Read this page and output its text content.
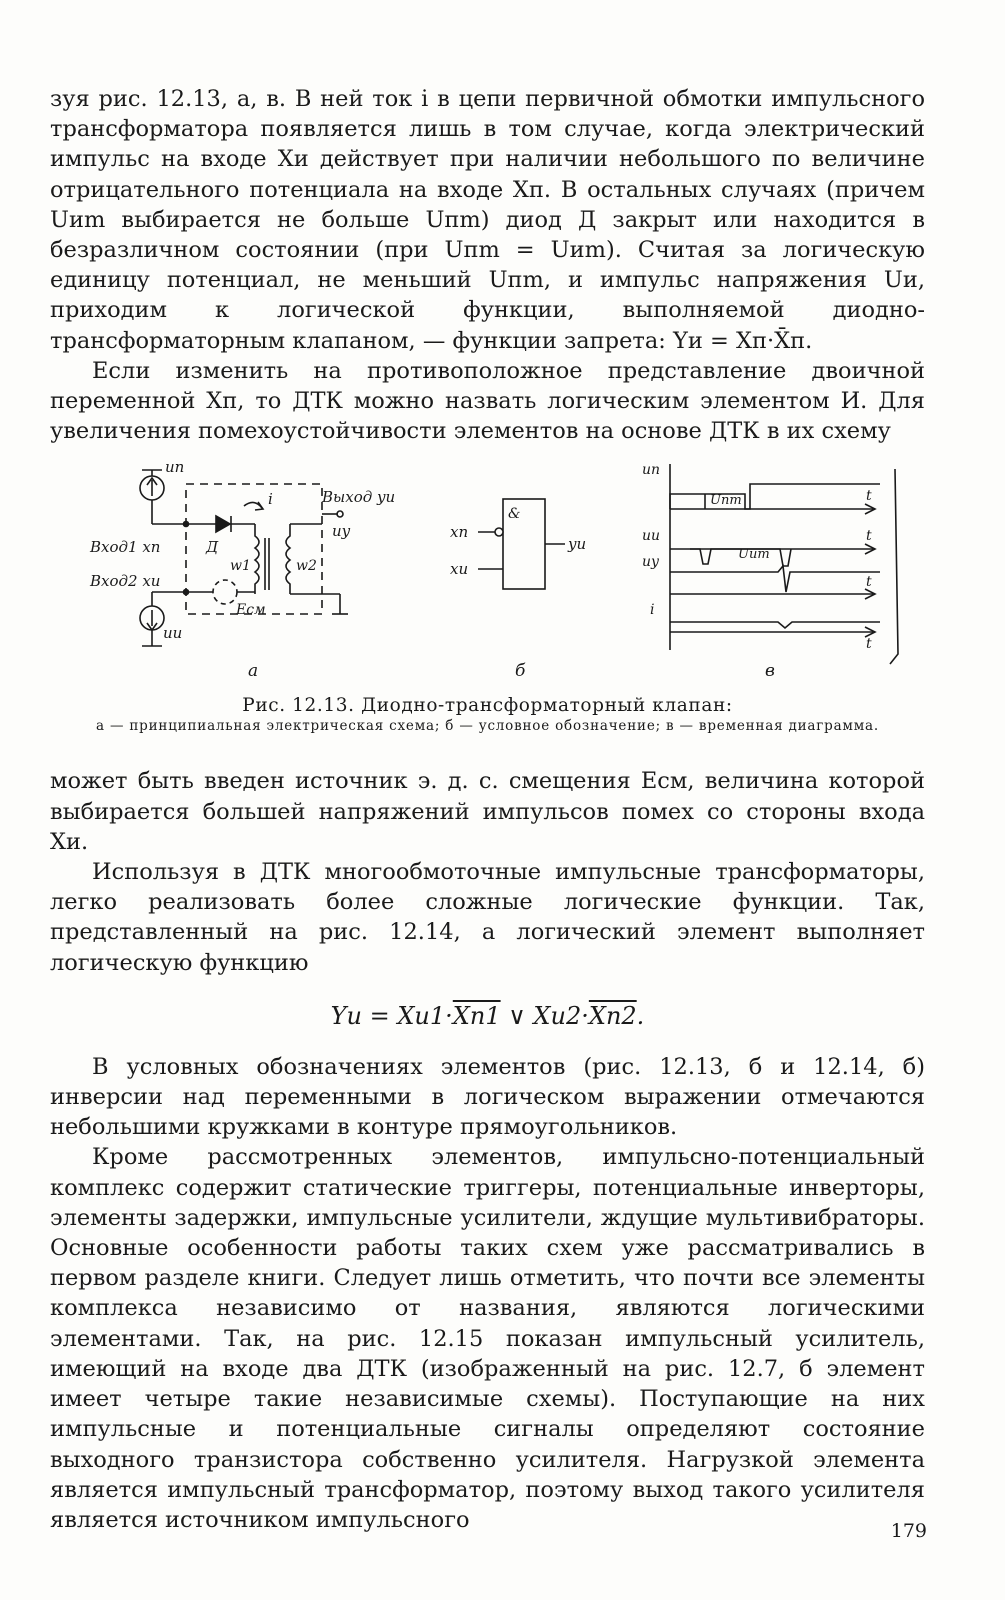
зуя рис. 12.13, а, в. В ней ток i в цепи первичной обмотки импульсного трансформатора появляется лишь в том случае, когда электрический импульс на входе Xи действует при наличии небольшого по величине отрицательного потенциала на входе Xп. В остальных случаях (причем Uиm выбирается не больше Uпm) диод Д закрыт или находится в безразличном состоянии (при Uпm = Uиm). Считая за логическую единицу потенциал, не меньший Uпm, и импульс напряжения Uи, приходим к логической функции, выполняемой диодно-трансформаторным клапаном, — функции запрета: Yи = Xп·X̄п.

Если изменить на противоположное представление двоичной переменной Xп, то ДТК можно назвать логическим элементом И. Для увеличения помехоустойчивости элементов на основе ДТК в их схему

uп
Вход1 xп
Вход2 xи
uи
Выход yи
uу
i
Д
w1	w2
Eсм
а
xп
xи
yи
&
б
uп
uи
uу
i
Uпm
Uиm
t
t
t
t
в
Рис. 12.13. Диодно-трансформаторный клапан:
а — принципиальная электрическая схема; б — условное обозначение; в — временная диаграмма.

может быть введен источник э. д. с. смещения Eсм, величина которой выбирается большей напряжений импульсов помех со стороны входа Xи.

Используя в ДТК многообмоточные импульсные трансформаторы, легко реализовать более сложные логические функции. Так, представленный на рис. 12.14, а логический элемент выполняет логическую функцию

Yи = Xи1·Xп1 ∨ Xи2·Xп2.

В условных обозначениях элементов (рис. 12.13, б и 12.14, б) инверсии над переменными в логическом выражении отмечаются небольшими кружками в контуре прямоугольников.

Кроме рассмотренных элементов, импульсно-потенциальный комплекс содержит статические триггеры, потенциальные инверторы, элементы задержки, импульсные усилители, ждущие мультивибраторы. Основные особенности работы таких схем уже рассматривались в первом разделе книги. Следует лишь отметить, что почти все элементы комплекса независимо от названия, являются логическими элементами. Так, на рис. 12.15 показан импульсный усилитель, имеющий на входе два ДТК (изображенный на рис. 12.7, б элемент имеет четыре такие независимые схемы). Поступающие на них импульсные и потенциальные сигналы определяют состояние выходного транзистора собственно усилителя. Нагрузкой элемента является импульсный трансформатор, поэтому выход такого усилителя является источником импульсного	179
